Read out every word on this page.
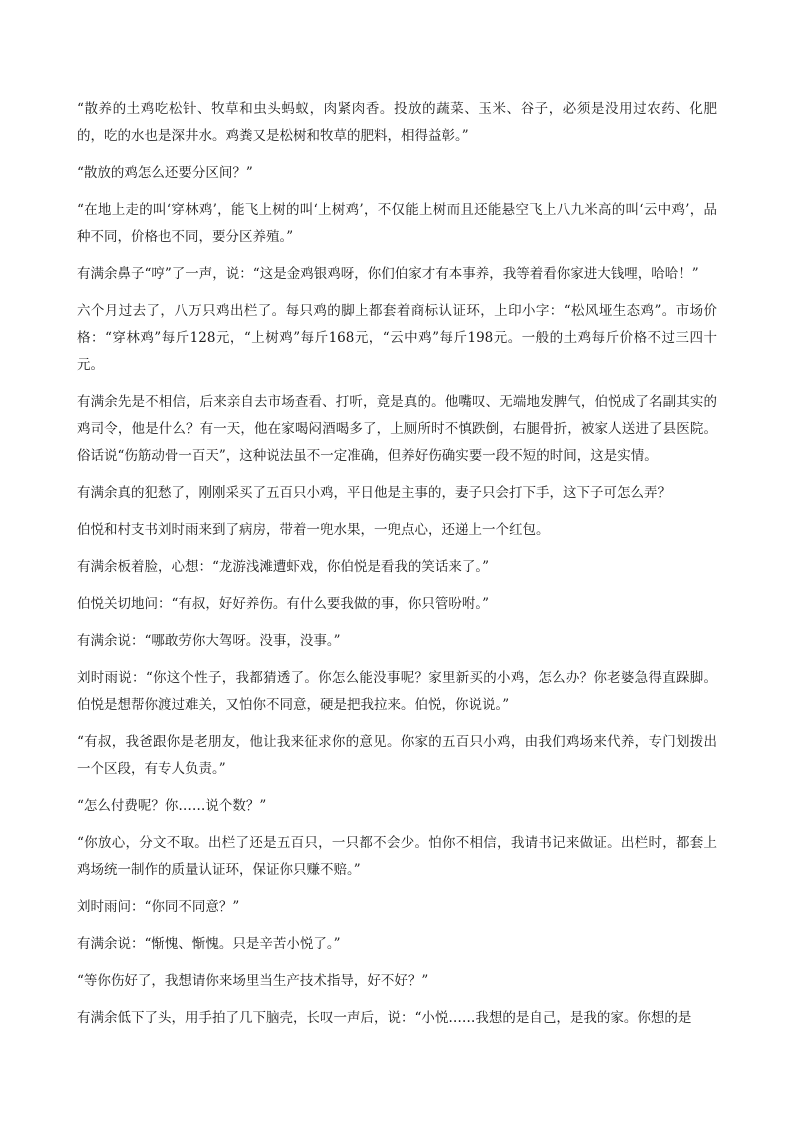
“散养的土鸡吃松针、牧草和虫头蚂蚁，肉紧肉香。投放的蔬菜、玉米、谷子，必须是没用过农药、化肥的，吃的水也是深井水。鸡粪又是松树和牧草的肥料，相得益彰。”

“散放的鸡怎么还要分区间？”

“在地上走的叫‘穿林鸡’，能飞上树的叫‘上树鸡’，不仅能上树而且还能悬空飞上八九米高的叫‘云中鸡’，品种不同，价格也不同，要分区养殖。”

有满余鼻子“哼”了一声，说：“这是金鸡银鸡呀，你们伯家才有本事养，我等着看你家进大钱哩，哈哈！”

六个月过去了，八万只鸡出栏了。每只鸡的脚上都套着商标认证环，上印小字：“松风垭生态鸡”。市场价格：“穿林鸡”每斤128元，“上树鸡”每斤168元，“云中鸡”每斤198元。一般的土鸡每斤价格不过三四十元。

有满余先是不相信，后来亲自去市场查看、打听，竟是真的。他嘴叹、无端地发脾气，伯悦成了名副其实的鸡司令，他是什么？有一天，他在家喝闷酒喝多了，上厕所时不慎跌倒，右腿骨折，被家人送进了县医院。俗话说“伤筋动骨一百天”，这种说法虽不一定准确，但养好伤确实要一段不短的时间，这是实情。

有满余真的犯愁了，刚刚采买了五百只小鸡，平日他是主事的，妻子只会打下手，这下子可怎么弄？

伯悦和村支书刘时雨来到了病房，带着一兜水果，一兜点心，还递上一个红包。

有满余板着脸，心想：“龙游浅滩遭虾戏，你伯悦是看我的笑话来了。”

伯悦关切地问：“有叔，好好养伤。有什么要我做的事，你只管吩咐。”

有满余说：“哪敢劳你大驾呀。没事，没事。”

刘时雨说：“你这个性子，我都猜透了。你怎么能没事呢？家里新买的小鸡，怎么办？你老婆急得直跺脚。伯悦是想帮你渡过难关，又怕你不同意，硬是把我拉来。伯悦，你说说。”

“有叔，我爸跟你是老朋友，他让我来征求你的意见。你家的五百只小鸡，由我们鸡场来代养，专门划拨出一个区段，有专人负责。”

“怎么付费呢？你……说个数？”

“你放心，分文不取。出栏了还是五百只，一只都不会少。怕你不相信，我请书记来做证。出栏时，都套上鸡场统一制作的质量认证环，保证你只赚不赔。”

刘时雨问：“你同不同意？”

有满余说：“惭愧、惭愧。只是辛苦小悦了。”

“等你伤好了，我想请你来场里当生产技术指导，好不好？”

有满余低下了头，用手拍了几下脑壳，长叹一声后，说：“小悦……我想的是自己，是我的家。你想的是
